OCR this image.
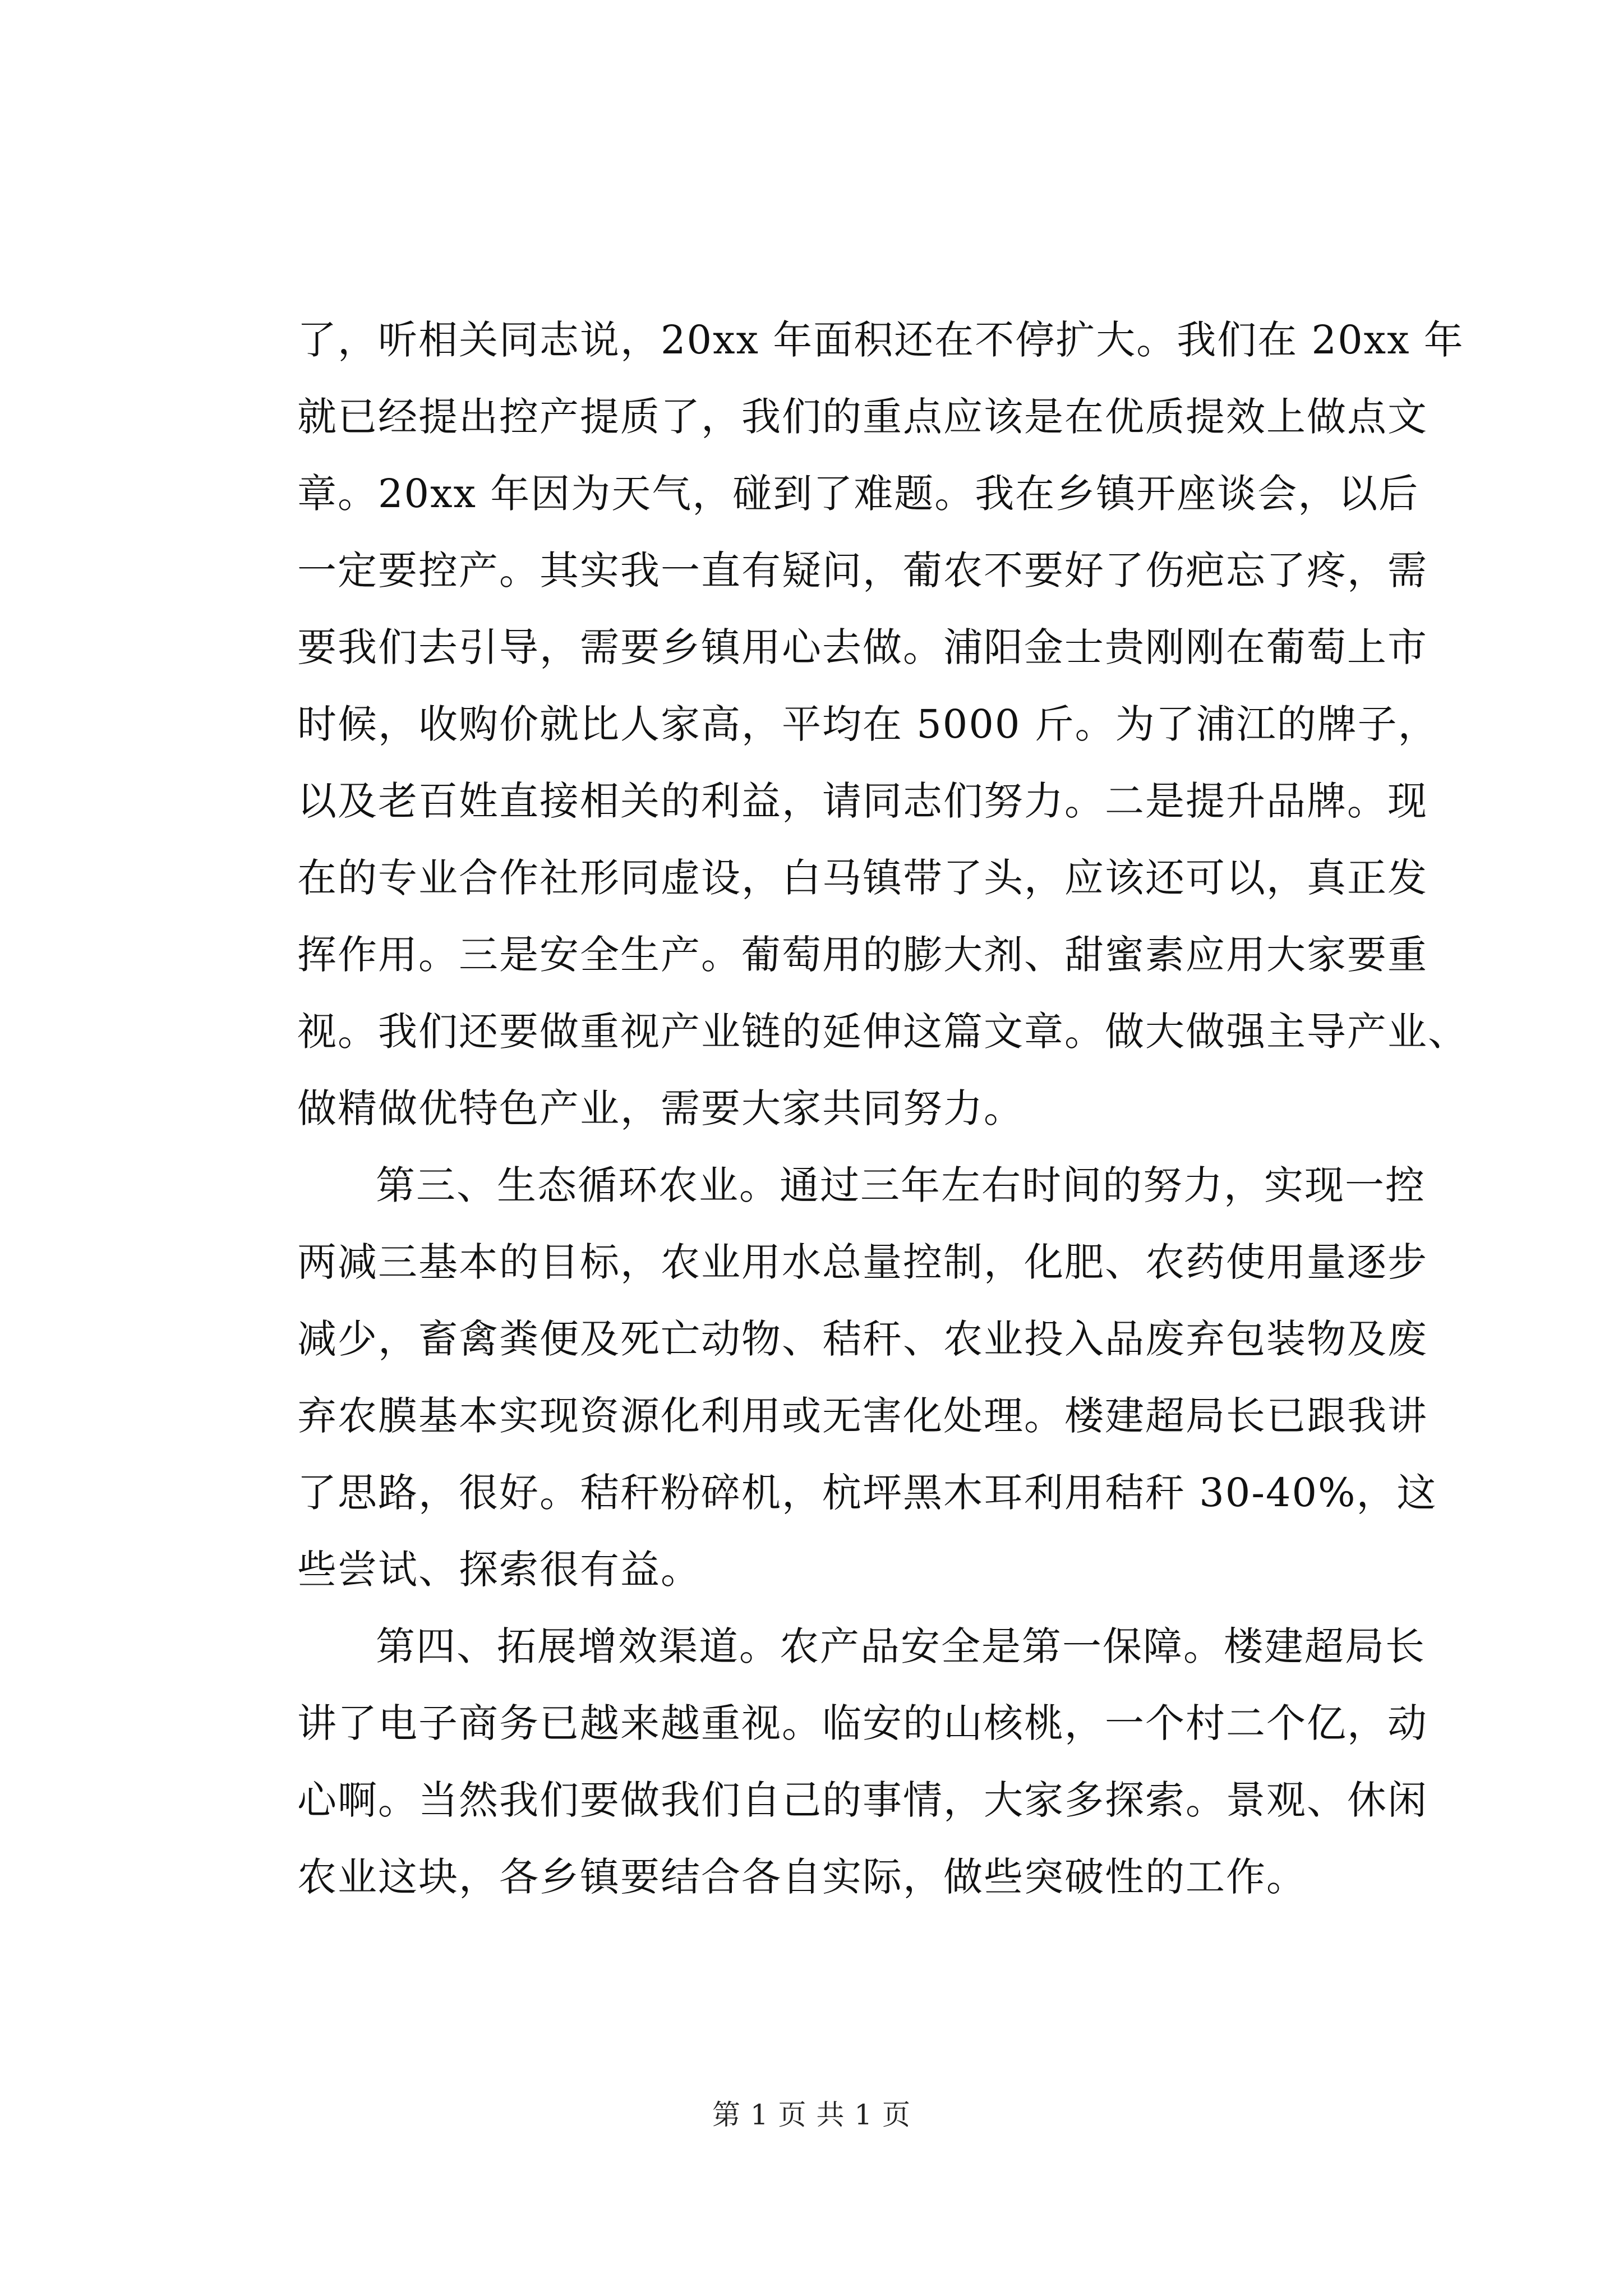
了，听相关同志说，20xx 年面积还在不停扩大。我们在 20xx 年
就已经提出控产提质了，我们的重点应该是在优质提效上做点文
章。20xx 年因为天气，碰到了难题。我在乡镇开座谈会，以后
一定要控产。其实我一直有疑问，葡农不要好了伤疤忘了疼，需
要我们去引导，需要乡镇用心去做。浦阳金士贵刚刚在葡萄上市
时候，收购价就比人家高，平均在 5000 斤。为了浦江的牌子，
以及老百姓直接相关的利益，请同志们努力。二是提升品牌。现
在的专业合作社形同虚设，白马镇带了头，应该还可以，真正发
挥作用。三是安全生产。葡萄用的膨大剂、甜蜜素应用大家要重
视。我们还要做重视产业链的延伸这篇文章。做大做强主导产业、
做精做优特色产业，需要大家共同努力。

第三、生态循环农业。通过三年左右时间的努力，实现一控
两减三基本的目标，农业用水总量控制，化肥、农药使用量逐步
减少，畜禽粪便及死亡动物、秸秆、农业投入品废弃包装物及废
弃农膜基本实现资源化利用或无害化处理。楼建超局长已跟我讲
了思路，很好。秸秆粉碎机，杭坪黑木耳利用秸秆 30-40%，这
些尝试、探索很有益。

第四、拓展增效渠道。农产品安全是第一保障。楼建超局长
讲了电子商务已越来越重视。临安的山核桃，一个村二个亿，动
心啊。当然我们要做我们自己的事情，大家多探索。景观、休闲
农业这块，各乡镇要结合各自实际，做些突破性的工作。

第 1 页 共 1 页
